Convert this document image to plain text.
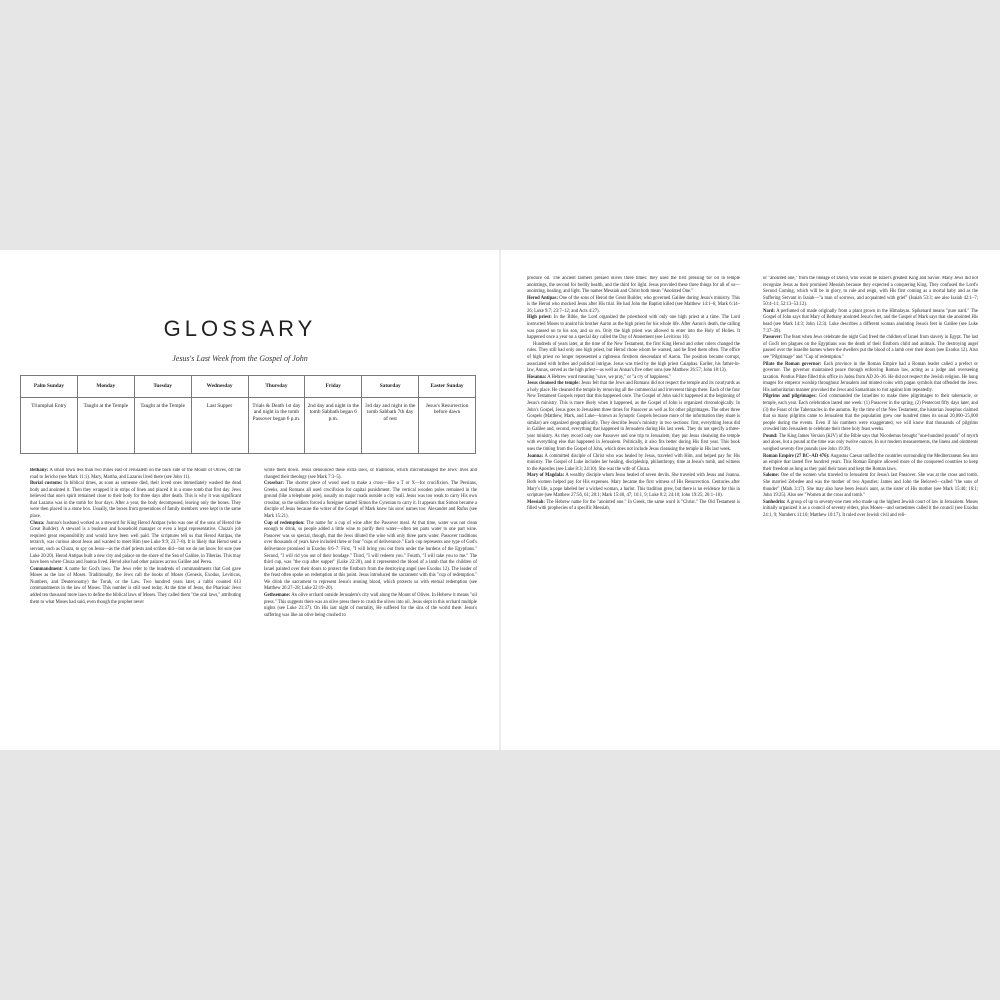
GLOSSARY
Jesus's Last Week from the Gospel of John
Palm Sunday	Monday	Tuesday	Wednesday	Thursday	Friday	Saturday	Easter Sunday
Triumphal Entry	Taught at the Temple	Taught at the Temple	Last Supper	Trials & Death 1st day and night in the tomb Passover began 6 p.m.	2nd day and night in the tomb Sabbath began 6 p.m.	3rd day and night in the tomb Sabbath 7th day of rest	Jesus's Resurrection before dawn
• Bethany: A small town less than two miles east of Jerusalem on the back side of the Mount of Olives, off the road to Jericho (see Mark 11:1). Mary, Martha, and Lazarus lived there (see John 11).
• Burial customs: In biblical times, as soon as someone died, their loved ones immediately washed the dead body and anointed it. Then they wrapped it in strips of linen and placed it in a stone tomb that first day. Jews believed that one's spirit remained close to their body for three days after death. This is why it was significant that Lazarus was in the tomb for four days. After a year, the body decomposed, leaving only the bones. They were then placed in a stone box. Usually, the boxes from generations of family members were kept in the same place.
• Chuza: Joanna's husband worked as a steward for King Herod Antipas (who was one of the sons of Herod the Great Builder). A steward is a business and household manager or even a legal representative. Chuza's job required great responsibility and would have been well paid. The scriptures tell us that Herod Antipas, the tetrarch, was curious about Jesus and wanted to meet Him (see Luke 9:9; 23:7–8). It is likely that Herod sent a servant, such as Chuza, to spy on Jesus—as the chief priests and scribes did—but we do not know for sure (see Luke 20:20). Herod Antipas built a new city and palace on the shore of the Sea of Galilee, in Tiberias. This may have been where Chuza and Joanna lived. Herod also had other palaces across Galilee and Perea.
• Commandment: A name for God's laws. The Jews refer to the hundreds of commandments that God gave Moses as the law of Moses. Traditionally, the Jews call the books of Moses (Genesis, Exodus, Leviticus, Numbers, and Deuteronomy) the Torah, or the Law. Two hundred years later, a rabbi counted 613 commandments in the law of Moses. This number is still used today. At the time of Jesus, the Pharisaic Jews added ten thousand more laws to define the biblical laws of Moses. They called them "the oral laws," attributing them to what Moses had said, even though the prophet never
wrote them down. Jesus denounced these extra laws, or traditions, which micromanaged the Jews' lives and changed their theology (see Mark 7:3–5).
• Crossbar: The shorter piece of wood used to make a cross—like a T or X—for crucifixion. The Persians, Greeks, and Romans all used crucifixion for capital punishment. The vertical wooden poles remained in the ground (like a telephone pole), usually on major roads outside a city wall. Jesus was too weak to carry His own crossbar, so the soldiers forced a foreigner named Simon the Cyrenian to carry it. It appears that Simon became a disciple of Jesus because the writer of the Gospel of Mark knew his sons' names too: Alexander and Rufus (see Mark 15:21).
• Cup of redemption: The name for a cup of wine after the Passover meal. At that time, water was not clean enough to drink, so people added a little wine to purify their water—often ten parts water to one part wine. Passover was so special, though, that the Jews diluted the wine with only three parts water. Passover traditions over thousands of years have included three or four "cups of deliverance." Each cup represents one type of God's deliverance promised in Exodus 6:6–7: First, "I will bring you out from under the burdens of the Egyptians." Second, "I will rid you out of their bondage." Third, "I will redeem you." Fourth, "I will take you to me." The third cup, was "the cup after supper" (Luke 22:20), and it represented the blood of a lamb that the children of Israel painted over their doors to protect the firstborn from the destroying angel (see Exodus 12). The leader of the feast often spoke on redemption at this point. Jesus introduced the sacrament with this "cup of redemption." We drink the sacrament to represent Jesus's atoning blood, which protects us with eternal redemption (see Matthew 26:27–28; Luke 22:19–20).
• Gethsemane: An olive orchard outside Jerusalem's city wall along the Mount of Olives. In Hebrew it means "oil press." This suggests there was an olive press there to crush the olives into oil. Jesus slept in this orchard multiple nights (see Luke 21:37). On His last night of mortality, He suffered for the sins of the world there. Jesus's suffering was like an olive being crushed to
produce oil. The ancient farmers pressed olives three times: they used the first pressing for oil in temple anointings, the second for bodily health, and the third for light. Jesus provided these three things for all of us—anointing, healing, and light. The names Messiah and Christ both mean "Anointed One."
• Herod Antipas: One of the sons of Herod the Great Builder, who governed Galilee during Jesus's ministry. This is the Herod who mocked Jesus after His trial. He had John the Baptist killed (see Matthew 14:1–6; Mark 6:14–26; Luke 9:7; 23:7–12; and Acts 4:27).
• High priest: In the Bible, the Lord organized the priesthood with only one high priest at a time. The Lord instructed Moses to anoint his brother Aaron as the high priest for his whole life. After Aaron's death, the calling was passed on to his son, and so on. Only the high priest was allowed to enter into the Holy of Holies. It happened once a year on a special day called the Day of Atonement (see Leviticus 16).

Hundreds of years later, at the time of the New Testament, the first King Herod and other rulers changed the rules. They still had only one high priest, but Herod chose whom he wanted, and he fired them often. The office of high priest no longer represented a righteous firstborn descendant of Aaron. The position became corrupt, associated with bribes and political intrigue. Jesus was tried by the high priest Caiaphas. Earlier, his father-in-law, Annas, served as the high priest—as well as Annas's five other sons (see Matthew 26:57; John 18:13).

• Hosanna: A Hebrew word meaning "save, we pray," or "a cry of happiness."
• Jesus cleansed the temple: Jesus felt that the Jews and Romans did not respect the temple and its courtyards as a holy place. He cleansed the temple by removing all the commercial and irreverent things there. Each of the four New Testament Gospels report that this happened once. The Gospel of John said it happened at the beginning of Jesus's ministry. This is more likely when it happened, as the Gospel of John is organized chronologically. In John's Gospel, Jesus goes to Jerusalem three times for Passover as well as for other pilgrimages. The other three Gospels (Matthew, Mark, and Luke—known as Synoptic Gospels because more of the information they share is similar) are organized geographically. They describe Jesus's ministry in two sections: first, everything Jesus did in Galilee and, second, everything that happened in Jerusalem during His last week. They do not specify a three-year ministry. As they record only one Passover and one trip to Jerusalem, they put Jesus cleansing the temple with everything else that happened in Jerusalem. Politically, it also fits better during His first year. This book uses the timing from the Gospel of John, which does not include Jesus cleansing the temple in His last week.
• Joanna: A committed disciple of Christ who was healed by Jesus, traveled with Him, and helped pay for His ministry. The Gospel of Luke includes her healing, discipleship, philanthropy, time at Jesus's tomb, and witness to the Apostles (see Luke 8:3; 24:10). She was the wife of Chuza.
• Mary of Magdala: A wealthy disciple whom Jesus healed of seven devils. She traveled with Jesus and Joanna. Both women helped pay for His expenses. Mary became the first witness of His Resurrection. Centuries after Mary's life, a pope labeled her a wicked woman, a harlot. This tradition grew, but there is no evidence for this in scripture (see Matthew 27:56, 61; 28:1; Mark 15:40, 47; 16:1, 9; Luke 8:2; 24:10; John 19:25; 20:1–18).
• Messiah: The Hebrew name for the "anointed one." In Greek, the same word is "Christ." The Old Testament is filled with prophecies of a specific Messiah,
or "anointed one," from the lineage of David, who would be Israel's greatest King and Savior. Many Jews did not recognize Jesus as their promised Messiah because they expected a conquering King. They confused the Lord's Second Coming, which will be in glory, to rule and reign, with His first coming as a mortal baby and as the Suffering Servant in Isaiah—"a man of sorrows, and acquainted with grief" (Isaiah 53:3; see also Isaiah 42:1–7; 50:4–11; 52:13–53:12).
• Nard: A perfumed oil made originally from a plant grown in the Himalayas. Spikenard means "pure nard." The Gospel of John says that Mary of Bethany anointed Jesus's feet, and the Gospel of Mark says that she anointed His head (see Mark 14:3; John 12:3). Luke describes a different woman anointing Jesus's feet in Galilee (see Luke 7:37–39).
• Passover: The feast when Jews celebrate the night God freed the children of Israel from slavery in Egypt. The last of God's ten plagues on the Egyptians was the death of their firstborn child and animals. The destroying angel passed over the Israelite homes where the dwellers put the blood of a lamb over their doors (see Exodus 12). Also see "Pilgrimage" and "Cup of redemption."
• Pilate the Roman governor: Each province in the Roman Empire had a Roman leader called a prefect or governor. The governor maintained peace through enforcing Roman law, acting as a judge and overseeing taxation. Pontius Pilate filled this office in Judea from AD 26–36. He did not respect the Jewish religion. He hung images for emperor worship throughout Jerusalem and minted coins with pagan symbols that offended the Jews. His authoritarian manner provoked the Jews and Samaritans to riot against him repeatedly.
• Pilgrims and pilgrimages: God commanded the Israelites to make three pilgrimages to their tabernacle, or temple, each year. Each celebration lasted one week: (1) Passover in the spring, (2) Pentecost fifty days later, and (3) the Feast of the Tabernacles in the autumn. By the time of the New Testament, the historian Josephus claimed that so many pilgrims came to Jerusalem that the population grew one hundred times its usual 20,000–25,000 people during the events. Even if his numbers were exaggerated, we will know that thousands of pilgrims crowded into Jerusalem to celebrate their three holy feast weeks.
• Pound: The King James Version (KJV) of the Bible says that Nicodemus brought "one-hundred pounds" of myrrh and aloes, but a pound at the time was only twelve ounces. In our modern measurements, the linens and ointments weighed seventy-five pounds (see John 19:39).
• Roman Empire (27 BC–AD 476): Augustus Caesar unified the countries surrounding the Mediterranean Sea into an empire that lasted five hundred years. This Roman Empire allowed more of the conquered countries to keep their freedom as long as they paid their taxes and kept the Roman laws.
• Salome: One of the women who traveled to Jerusalem for Jesus's last Passover. She was at the cross and tomb. She married Zebedee and was the mother of two Apostles: James and John the Beloved—called "the sons of thunder" (Mark 3:17). She may also have been Jesus's aunt, as the sister of His mother (see Mark 15:40; 16:1; John 19:25). Also see "Women at the cross and tomb."
• Sanhedrin: A group of up to seventy-one men who made up the highest Jewish court of law in Jerusalem. Moses initially organized it as a council of seventy elders, plus Moses—and sometimes called it the council (see Exodus 24:1, 9; Numbers 11:16; Matthew 10:17). It ruled over Jewish civil and reli-
